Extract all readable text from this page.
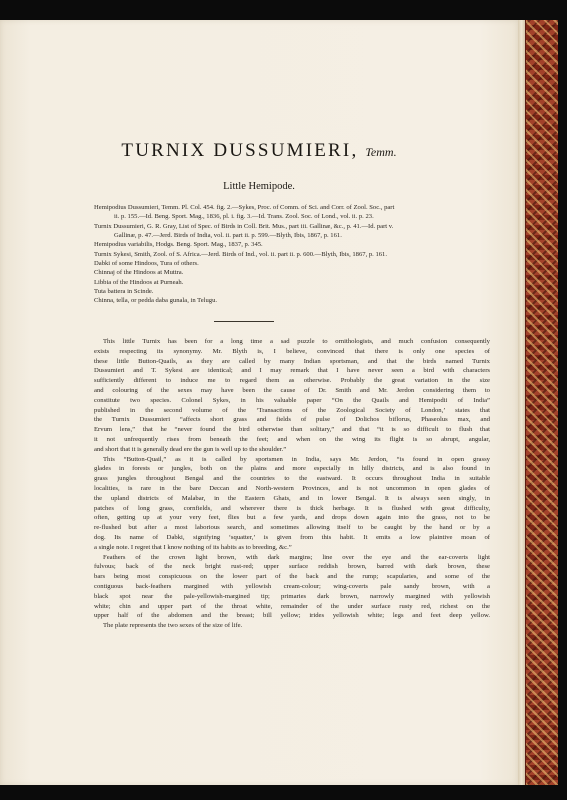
TURNIX DUSSUMIERI, Temm.
Little Hemipode.
Hemipodius Dussumieri, Temm. Pl. Col. 454. fig. 2.—Sykes, Proc. of Comm. of Sci. and Corr. of Zool. Soc., part
ii. p. 155.—Id. Beng. Sport. Mag., 1836, pl. i. fig. 3.—Id. Trans. Zool. Soc. of Lond., vol. ii. p. 23.
Turnix Dussumieri, G. R. Gray, List of Spec. of Birds in Coll. Brit. Mus., part iii. Gallinæ, &c., p. 41.—Id. part v.
Gallinæ, p. 47.—Jerd. Birds of India, vol. ii. part ii. p. 599.—Blyth, Ibis, 1867, p. 161.
Hemipodius variabilis, Hodgs. Beng. Sport. Mag., 1837, p. 345.
Turnix Sykesi, Smith, Zool. of S. Africa.—Jerd. Birds of Ind., vol. ii. part ii. p. 600.—Blyth, Ibis, 1867, p. 161.
Dabki of some Hindoos, Tura of others.
Chinnaj of the Hindoos at Muttra.
Libbia of the Hindoos at Purneah.
Tuta battera in Scinde.
Chinna, tella, or pedda daba gunala, in Telugu.
This little Turnix has been for a long time a sad puzzle to ornithologists, and much confusion consequently
exists respecting its synonymy. Mr. Blyth is, I believe, convinced that there is only one species of
these little Button-Quails, as they are called by many Indian sportsman, and that the birds named Turnix
Dussumieri and T. Sykesi are identical; and I may remark that I have never seen a bird with characters
sufficiently different to induce me to regard them as otherwise. Probably the great variation in the size
and colouring of the sexes may have been the cause of Dr. Smith and Mr. Jerdon considering them to
constitute two species. Colonel Sykes, in his valuable paper “On the Quails and Hemipodii of India”
published in the second volume of the ‘Transactions of the Zoological Society of London,’ states that
the Turnix Dussumieri “affects short grass and fields of pulse of Dolichos biflorus, Phaseolus max, and
Ervum lens,” that he “never found the bird otherwise than solitary,” and that “it is so difficult to flush that
it not unfrequently rises from beneath the feet; and when on the wing its flight is so abrupt, angular,
and short that it is generally dead ere the gun is well up to the shoulder.”
This “Button-Quail,” as it is called by sportsmen in India, says Mr. Jerdon, “is found in open grassy
glades in forests or jungles, both on the plains and more especially in hilly districts, and is also found in
grass jungles throughout Bengal and the countries to the eastward. It occurs throughout India in suitable
localities, is rare in the bare Deccan and North-western Provinces, and is not uncommon in open glades of
the upland districts of Malabar, in the Eastern Ghats, and in lower Bengal. It is always seen singly, in
patches of long grass, cornfields, and wherever there is thick herbage. It is flushed with great difficulty,
often, getting up at your very feet, flies but a few yards, and drops down again into the grass, not to be
re-flushed but after a most laborious search, and sometimes allowing itself to be caught by the hand or by a
dog. Its name of Dabki, signifying ‘squatter,’ is given from this habit. It emits a low plaintive moan of
a single note. I regret that I know nothing of its habits as to breeding, &c.”
Feathers of the crown light brown, with dark margins; line over the eye and the ear-coverts light
fulvous; back of the neck bright rust-red; upper surface reddish brown, barred with dark brown, these
bars being most conspicuous on the lower part of the back and the rump; scapularies, and some of the
contiguous back-feathers margined with yellowish cream-colour; wing-coverts pale sandy brown, with a
black spot near the pale-yellowish-margined tip; primaries dark brown, narrowly margined with yellowish
white; chin and upper part of the throat white, remainder of the under surface rusty red, richest on the
upper half of the abdomen and the breast; bill yellow; irides yellowish white; legs and feet deep yellow.
The plate represents the two sexes of the size of life.
